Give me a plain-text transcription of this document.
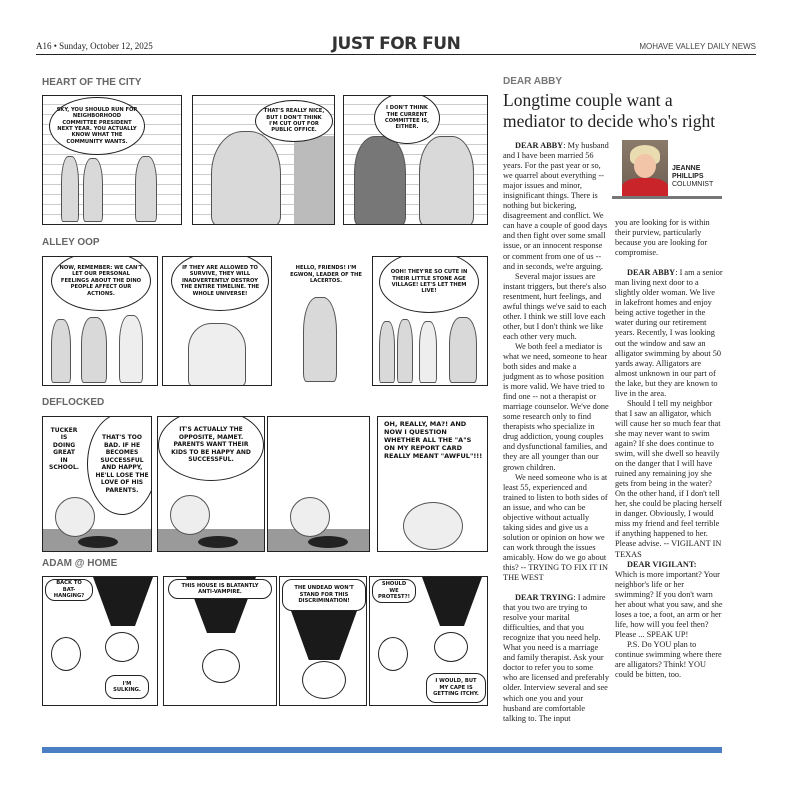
A16 • Sunday, October 12, 2025	JUST FOR FUN	MOHAVE VALLEY DAILY NEWS
HEART OF THE CITY
SKY, YOU SHOULD RUN FOR NEIGHBORHOOD COMMITTEE PRESIDENT NEXT YEAR. YOU ACTUALLY KNOW WHAT THE COMMUNITY WANTS.
THAT'S REALLY NICE, BUT I DON'T THINK I'M CUT OUT FOR PUBLIC OFFICE.
I DON'T THINK THE CURRENT COMMITTEE IS, EITHER.
ALLEY OOP
NOW, REMEMBER: WE CAN'T LET OUR PERSONAL FEELINGS ABOUT THE DINO PEOPLE AFFECT OUR ACTIONS.
IF THEY ARE ALLOWED TO SURVIVE, THEY WILL INADVERTENTLY DESTROY THE ENTIRE TIMELINE. THE WHOLE UNIVERSE!
HELLO, FRIENDS! I'M EGWON, LEADER OF THE LACERTOS.
OOH! THEY'RE SO CUTE IN THEIR LITTLE STONE AGE VILLAGE! LET'S LET THEM LIVE!
DEFLOCKED
TUCKER IS DOING GREAT IN SCHOOL.
THAT'S TOO BAD. IF HE BECOMES SUCCESSFUL AND HAPPY, HE'LL LOSE THE LOVE OF HIS PARENTS.
IT'S ACTUALLY THE OPPOSITE, MAMET. PARENTS WANT THEIR KIDS TO BE HAPPY AND SUCCESSFUL.
OH, REALLY, MA?! AND NOW I QUESTION WHETHER ALL THE "A"S ON MY REPORT CARD REALLY MEANT "AWFUL"!!!
ADAM @ HOME
BACK TO BAT-HANGING?
I'M SULKING.
THIS HOUSE IS BLATANTLY ANTI-VAMPIRE.
THE UNDEAD WON'T STAND FOR THIS DISCRIMINATION!
SHOULD WE PROTEST?!
I WOULD, BUT MY CAPE IS GETTING ITCHY.
DEAR ABBY
Longtime couple want a mediator to decide who's right
JEANNE
PHILLIPS
COLUMNIST

DEAR ABBY: My husband and I have been married 56 years. For the past year or so, we quarrel about everything -- major issues and minor, insignificant things. There is nothing but bickering, disagreement and conflict. We can have a couple of good days and then fight over some small issue, or an innocent response or comment from one of us -- and in seconds, we're arguing.

Several major issues are instant triggers, but there's also resentment, hurt feelings, and awful things we've said to each other. I think we still love each other, but I don't think we like each other very much.

We both feel a mediator is what we need, someone to hear both sides and make a judgment as to whose position is more valid. We have tried to find one -- not a therapist or marriage counselor. We've done some research only to find therapists who specialize in drug addiction, young couples and dysfunctional families, and they are all younger than our grown children.

We need someone who is at least 55, experienced and trained to listen to both sides of an issue, and who can be objective without actually taking sides and give us a solution or opinion on how we can work through the issues amicably. How do we go about this? -- TRYING TO FIX IT IN THE WEST

DEAR TRYING: I admire that you two are trying to resolve your marital difficulties, and that you recognize that you need help. What you need is a marriage and family therapist. Ask your doctor to refer you to some who are licensed and preferably older. Interview several and see which one you and your husband are comfortable talking to. The input

you are looking for is within their purview, particularly because you are looking for compromise.

DEAR ABBY: I am a senior man living next door to a slightly older woman. We live in lakefront homes and enjoy being active together in the water during our retirement years. Recently, I was looking out the window and saw an alligator swimming by about 50 yards away. Alligators are almost unknown in our part of the lake, but they are known to live in the area.

Should I tell my neighbor that I saw an alligator, which will cause her so much fear that she may never want to swim again? If she does continue to swim, will she dwell so heavily on the danger that I will have ruined any remaining joy she gets from being in the water? On the other hand, if I don't tell her, she could be placing herself in danger. Obviously, I would miss my friend and feel terrible if anything happened to her. Please advise. -- VIGILANT IN TEXAS

DEAR VIGILANT:

Which is more important? Your neighbor's life or her swimming? If you don't warn her about what you saw, and she loses a toe, a foot, an arm or her life, how will you feel then? Please ... SPEAK UP!

P.S. Do YOU plan to continue swimming where there are alligators? Think! YOU could be bitten, too.
